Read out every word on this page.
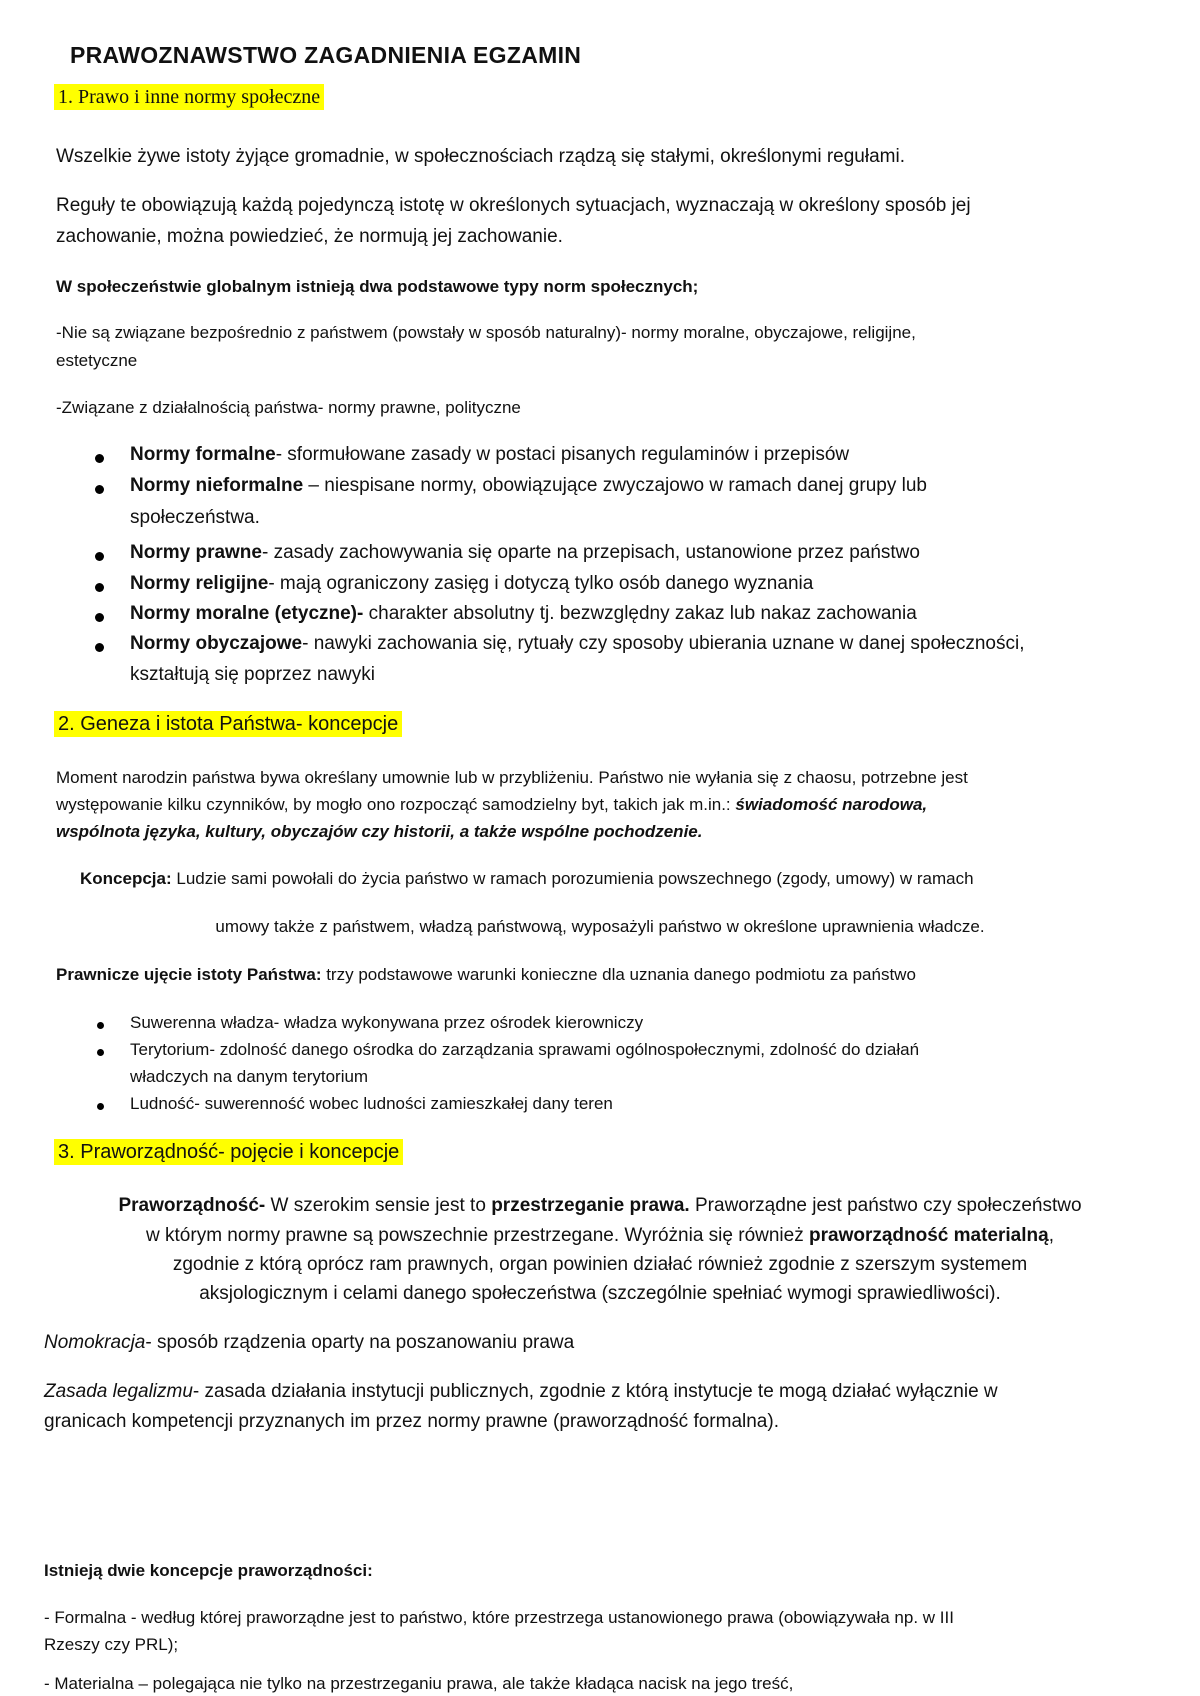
PRAWOZNAWSTWO ZAGADNIENIA EGZAMIN
1. Prawo i inne normy społeczne
Wszelkie żywe istoty żyjące gromadnie, w społecznościach rządzą się stałymi, określonymi regułami.
Reguły te obowiązują każdą pojedynczą istotę w określonych sytuacjach, wyznaczają w określony sposób jej
zachowanie, można powiedzieć, że normują jej zachowanie.
W społeczeństwie globalnym istnieją dwa podstawowe typy norm społecznych;
-Nie są związane bezpośrednio z państwem (powstały w sposób naturalny)- normy moralne, obyczajowe, religijne,
estetyczne
-Związane z działalnością państwa- normy prawne, polityczne
Normy formalne- sformułowane zasady w postaci pisanych regulaminów i przepisów
Normy nieformalne – niespisane normy, obowiązujące zwyczajowo w ramach danej grupy lub
społeczeństwa.
Normy prawne- zasady zachowywania się oparte na przepisach, ustanowione przez państwo
Normy religijne- mają ograniczony zasięg i dotyczą tylko osób danego wyznania
Normy moralne (etyczne)- charakter absolutny tj. bezwzględny zakaz lub nakaz zachowania
Normy obyczajowe- nawyki zachowania się, rytuały czy sposoby ubierania uznane w danej społeczności,
kształtują się poprzez nawyki
2. Geneza i istota Państwa- koncepcje
Moment narodzin państwa bywa określany umownie lub w przybliżeniu. Państwo nie wyłania się z chaosu, potrzebne jest
występowanie kilku czynników, by mogło ono rozpocząć samodzielny byt, takich jak m.in.: świadomość narodowa,
wspólnota języka, kultury, obyczajów czy historii, a także wspólne pochodzenie.
Koncepcja: Ludzie sami powołali do życia państwo w ramach porozumienia powszechnego (zgody, umowy) w ramach
umowy także z państwem, władzą państwową, wyposażyli państwo w określone uprawnienia władcze.
Prawnicze ujęcie istoty Państwa: trzy podstawowe warunki konieczne dla uznania danego podmiotu za państwo
Suwerenna władza- władza wykonywana przez ośrodek kierowniczy
Terytorium- zdolność danego ośrodka do zarządzania sprawami ogólnospołecznymi, zdolność do działań
władczych na danym terytorium
Ludność- suwerenność wobec ludności zamieszkałej dany teren
3. Praworządność- pojęcie i koncepcje
Praworządność- W szerokim sensie jest to przestrzeganie prawa. Praworządne jest państwo czy społeczeństwo
w którym normy prawne są powszechnie przestrzegane. Wyróżnia się również praworządność materialną,
zgodnie z którą oprócz ram prawnych, organ powinien działać również zgodnie z szerszym systemem
aksjologicznym i celami danego społeczeństwa (szczególnie spełniać wymogi sprawiedliwości).
Nomokracja- sposób rządzenia oparty na poszanowaniu prawa
Zasada legalizmu- zasada działania instytucji publicznych, zgodnie z którą instytucje te mogą działać wyłącznie w
granicach kompetencji przyznanych im przez normy prawne (praworządność formalna).
Istnieją dwie koncepcje praworządności:
- Formalna - według której praworządne jest to państwo, które przestrzega ustanowionego prawa (obowiązywała np. w III
Rzeszy czy PRL);
- Materialna – polegająca nie tylko na przestrzeganiu prawa, ale także kładąca nacisk na jego treść,
